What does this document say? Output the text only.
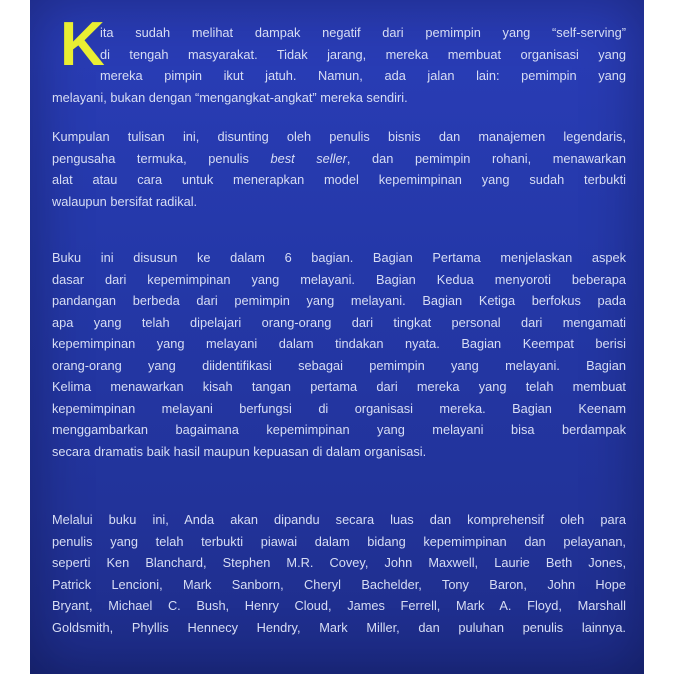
K

ita sudah melihat dampak negatif dari pemimpin yang “self-serving”
di tengah masyarakat. Tidak jarang, mereka membuat organisasi yang
mereka pimpin ikut jatuh. Namun, ada jalan lain: pemimpin yang
melayani, bukan dengan “mengangkat-angkat” mereka sendiri.

Kumpulan tulisan ini, disunting oleh penulis bisnis dan manajemen legendaris,
pengusaha termuka, penulis best seller, dan pemimpin rohani, menawarkan
alat atau cara untuk menerapkan model kepemimpinan yang sudah terbukti
walaupun bersifat radikal.

Buku ini disusun ke dalam 6 bagian. Bagian Pertama menjelaskan aspek
dasar dari kepemimpinan yang melayani. Bagian Kedua menyoroti beberapa
pandangan berbeda dari pemimpin yang melayani. Bagian Ketiga berfokus pada
apa yang telah dipelajari orang-orang dari tingkat personal dari mengamati
kepemimpinan yang melayani dalam tindakan nyata. Bagian Keempat berisi
orang-orang yang diidentifikasi sebagai pemimpin yang melayani. Bagian
Kelima menawarkan kisah tangan pertama dari mereka yang telah membuat
kepemimpinan melayani berfungsi di organisasi mereka. Bagian Keenam
menggambarkan bagaimana kepemimpinan yang melayani bisa berdampak
secara dramatis baik hasil maupun kepuasan di dalam organisasi.

Melalui buku ini, Anda akan dipandu secara luas dan komprehensif oleh para
penulis yang telah terbukti piawai dalam bidang kepemimpinan dan pelayanan,
seperti Ken Blanchard, Stephen M.R. Covey, John Maxwell, Laurie Beth Jones,
Patrick Lencioni, Mark Sanborn, Cheryl Bachelder, Tony Baron, John Hope
Bryant, Michael C. Bush, Henry Cloud, James Ferrell, Mark A. Floyd, Marshall
Goldsmith, Phyllis Hennecy Hendry, Mark Miller, dan puluhan penulis lainnya.
